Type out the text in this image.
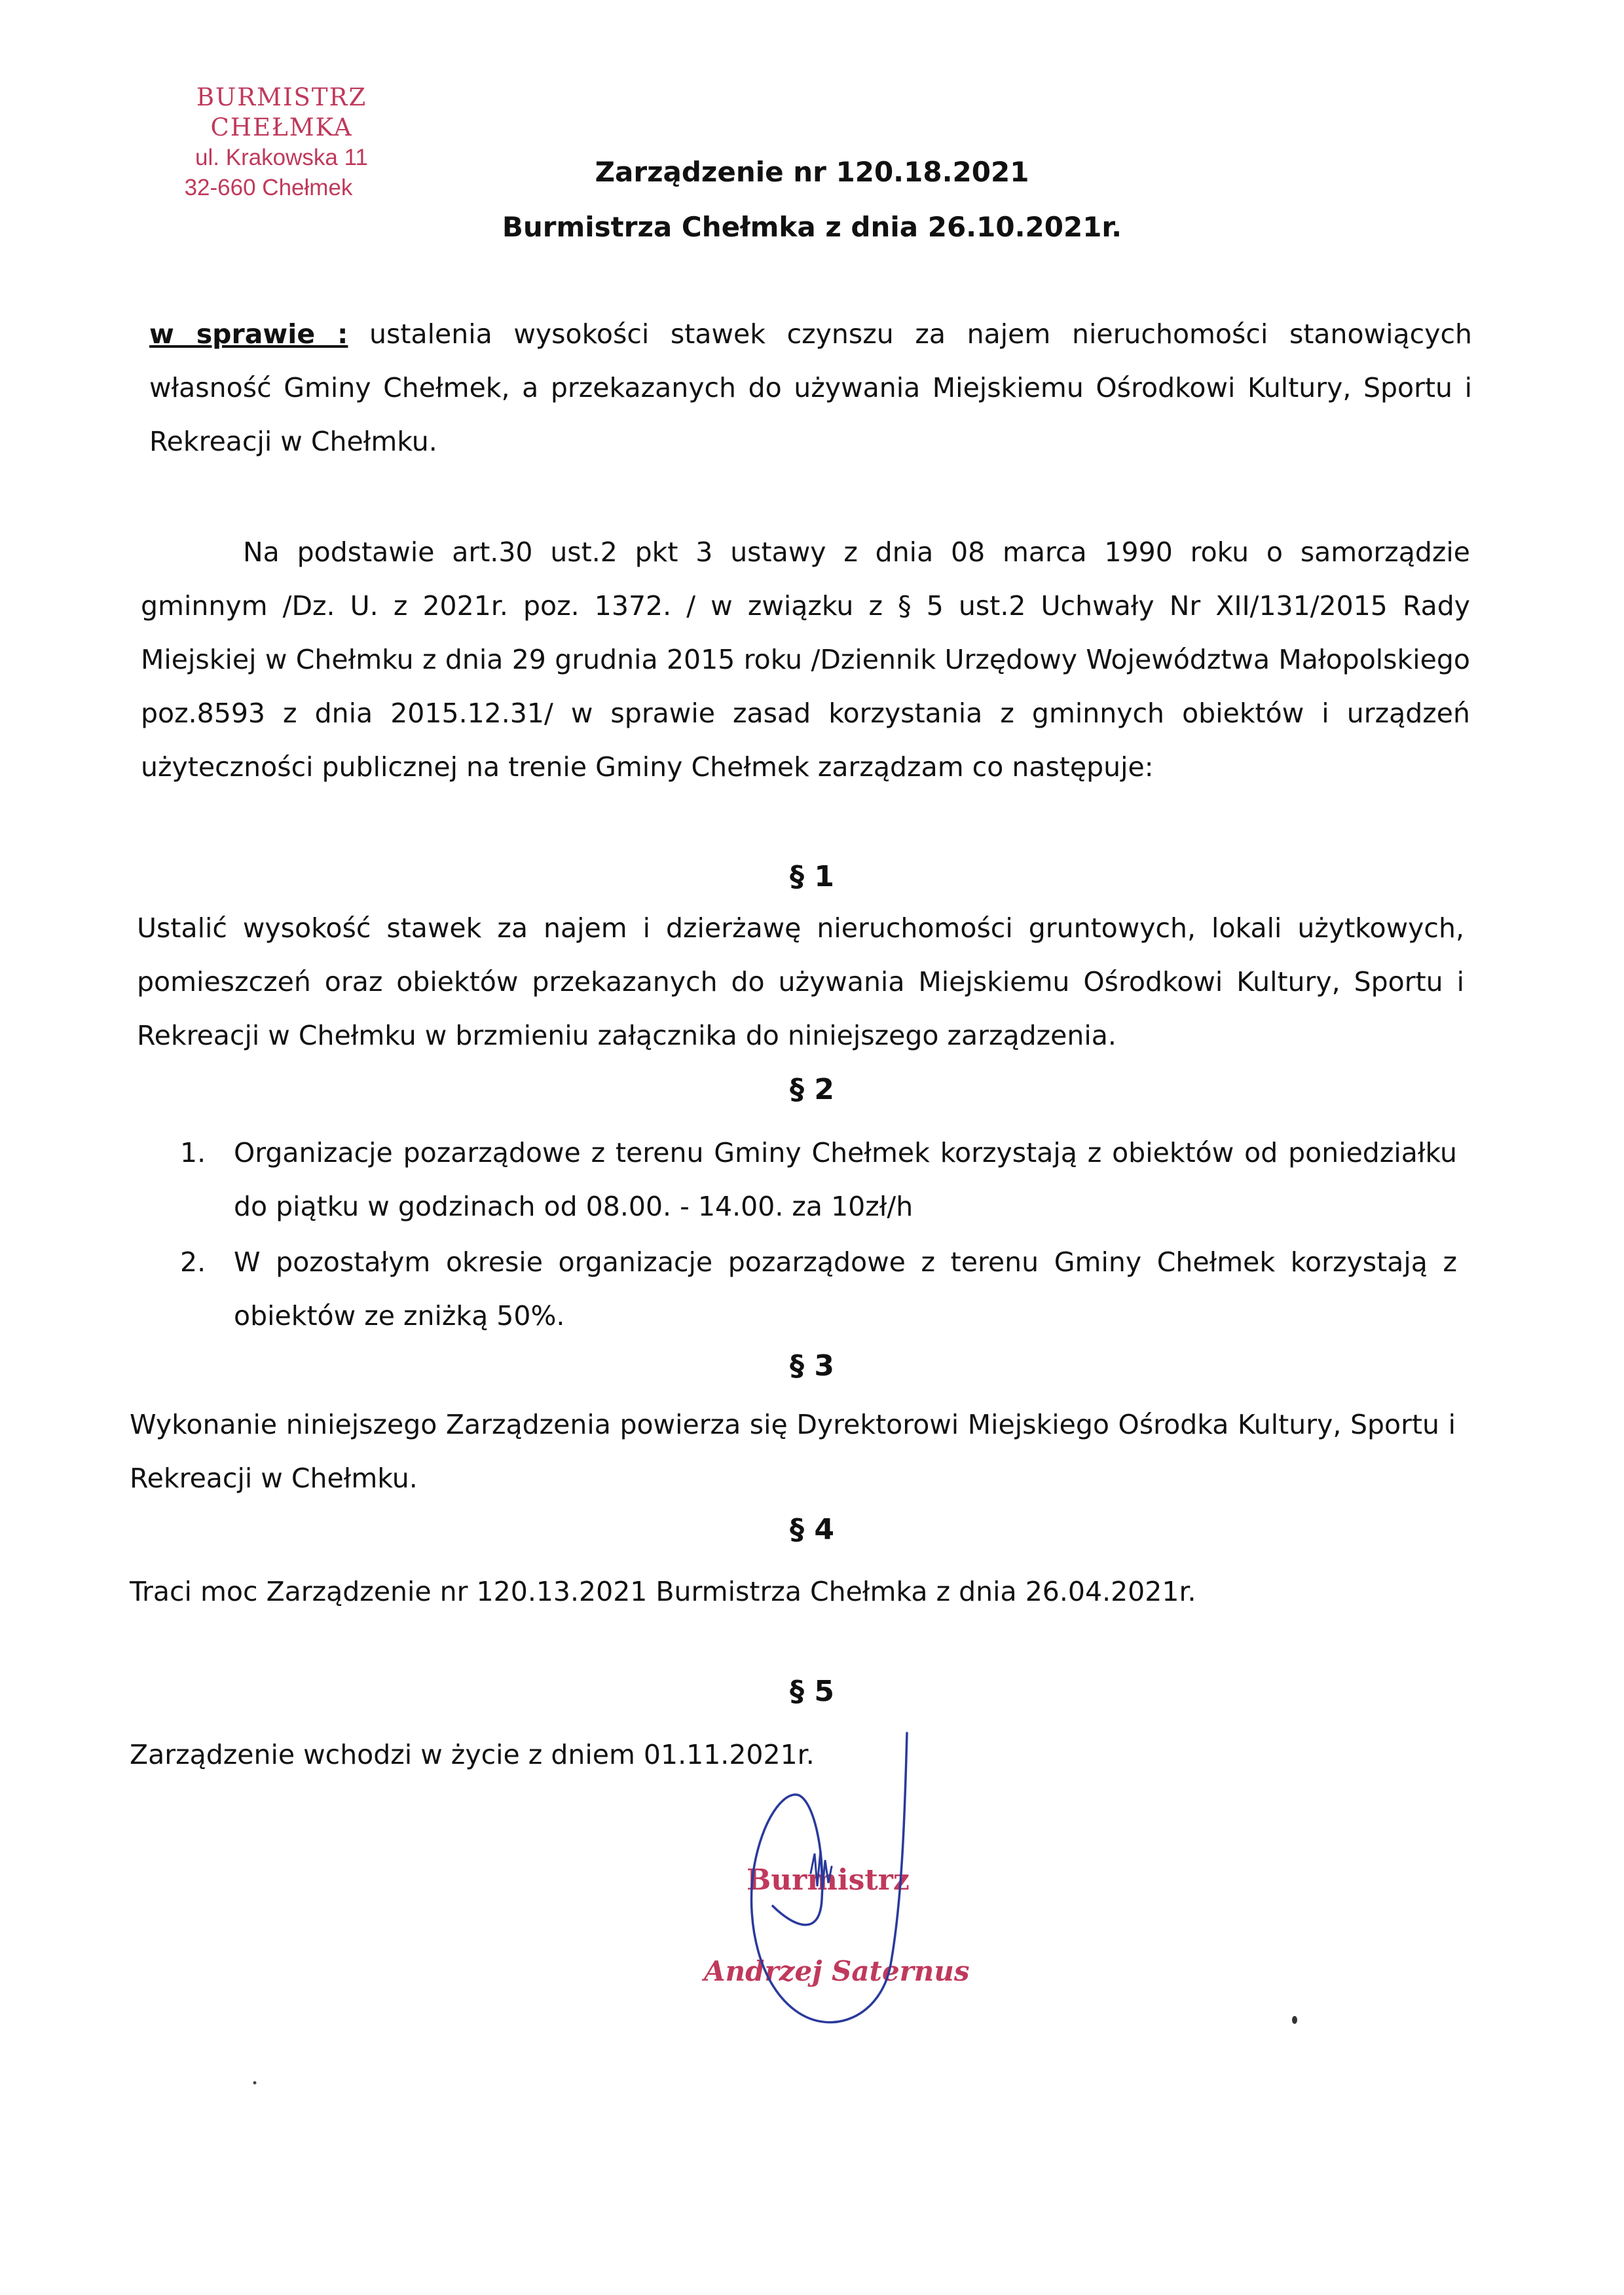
BURMISTRZ CHEŁMKA
ul. Krakowska 11
32-660 Chełmek	Zarządzenie nr 120.18.2021
Burmistrza Chełmka z dnia 26.10.2021r.
w sprawie : ustalenia wysokości stawek czynszu za najem nieruchomości stanowiących własność Gminy Chełmek, a przekazanych do używania Miejskiemu Ośrodkowi Kultury, Sportu i Rekreacji w Chełmku.
Na podstawie art.30 ust.2 pkt 3 ustawy z dnia 08 marca 1990 roku o samorządzie gminnym /Dz. U. z 2021r. poz. 1372. / w związku z § 5 ust.2 Uchwały Nr XII/131/2015 Rady Miejskiej w Chełmku z dnia 29 grudnia 2015 roku /Dziennik Urzędowy Województwa Małopolskiego poz.8593 z dnia 2015.12.31/ w sprawie zasad korzystania z gminnych obiektów i urządzeń użyteczności publicznej na trenie Gminy Chełmek zarządzam co następuje:
§ 1
Ustalić wysokość stawek za najem i dzierżawę nieruchomości gruntowych, lokali użytkowych, pomieszczeń oraz obiektów przekazanych do używania Miejskiemu Ośrodkowi Kultury, Sportu i Rekreacji w Chełmku w brzmieniu załącznika do niniejszego zarządzenia.
§ 2
1. Organizacje pozarządowe z terenu Gminy Chełmek korzystają z obiektów od poniedziałku do piątku w godzinach od 08.00. - 14.00. za 10zł/h
2. W pozostałym okresie organizacje pozarządowe z terenu Gminy Chełmek korzystają z obiektów ze zniżką 50%.
§ 3
Wykonanie niniejszego Zarządzenia powierza się Dyrektorowi Miejskiego Ośrodka Kultury, Sportu i Rekreacji w Chełmku.
§ 4
Traci moc Zarządzenie nr 120.13.2021 Burmistrza Chełmka z dnia 26.04.2021r.
§ 5
Zarządzenie wchodzi w życie z dniem 01.11.2021r.
Burmistrz
Andrzej Saternus
